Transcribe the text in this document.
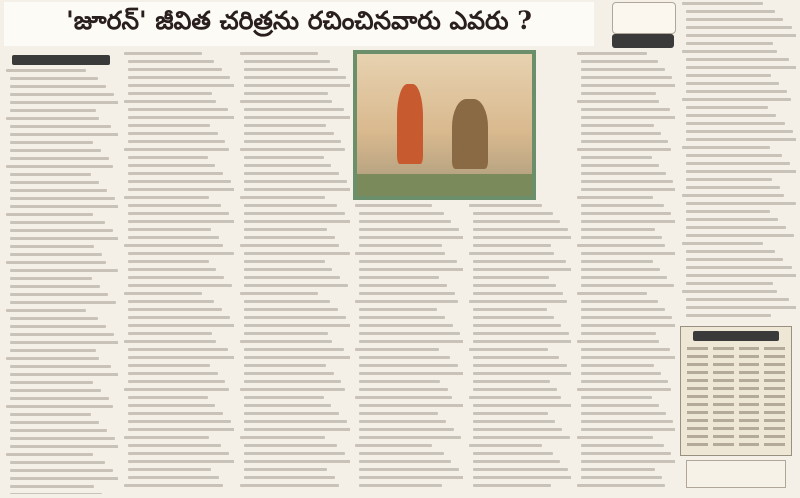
'జూరన్' జీవిత చరిత్రను రచించినవారు ఎవరు ?
